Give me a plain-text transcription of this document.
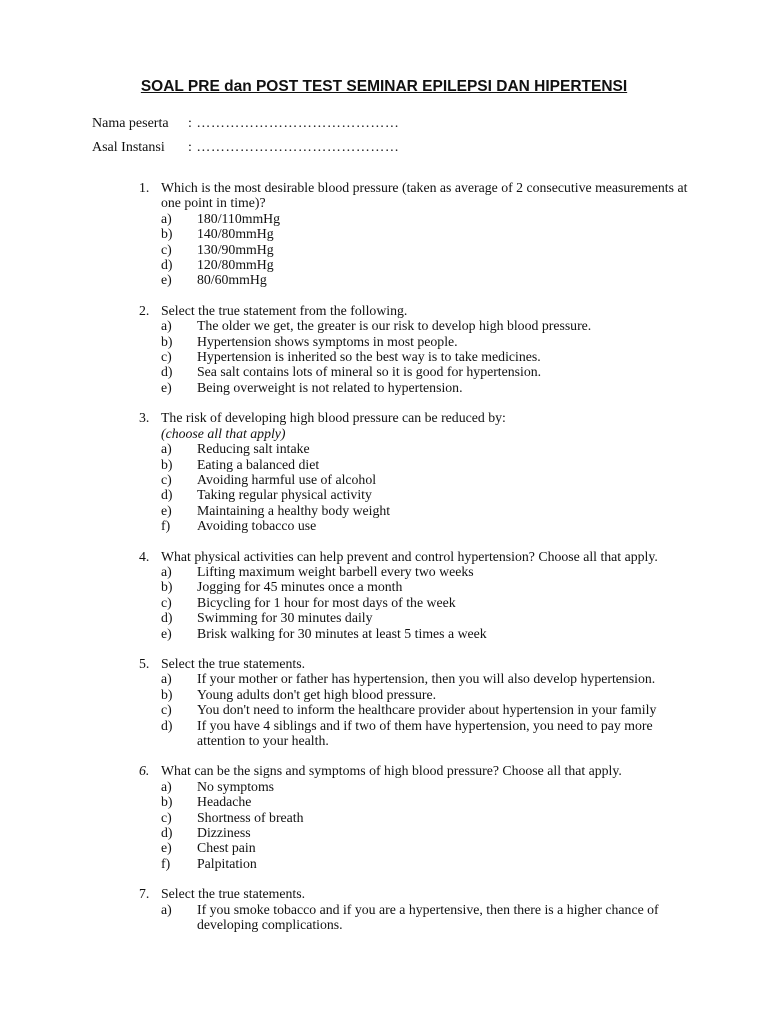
SOAL PRE dan POST TEST SEMINAR EPILEPSI DAN HIPERTENSI
Nama peserta : ……………………………………
Asal Instansi : ……………………………………
1. Which is the most desirable blood pressure (taken as average of 2 consecutive measurements at one point in time)?
a)	180/110mmHg
b)	140/80mmHg
c)	130/90mmHg
d)	120/80mmHg
e)	80/60mmHg
2. Select the true statement from the following.
a)	The older we get, the greater is our risk to develop high blood pressure.
b)	Hypertension shows symptoms in most people.
c)	Hypertension is inherited so the best way is to take medicines.
d)	Sea salt contains lots of mineral so it is good for hypertension.
e)	Being overweight is not related to hypertension.
3. The risk of developing high blood pressure can be reduced by:
(choose all that apply)
a)	Reducing salt intake
b)	Eating a balanced diet
c)	Avoiding harmful use of alcohol
d)	Taking regular physical activity
e)	Maintaining a healthy body weight
f)	Avoiding tobacco use
4. What physical activities can help prevent and control hypertension? Choose all that apply.
a)	Lifting maximum weight barbell every two weeks
b)	Jogging for 45 minutes once a month
c)	Bicycling for 1 hour for most days of the week
d)	Swimming for 30 minutes daily
e)	Brisk walking for 30 minutes at least 5 times a week
5. Select the true statements.
a)	If your mother or father has hypertension, then you will also develop hypertension.
b)	Young adults don't get high blood pressure.
c)	You don't need to inform the healthcare provider about hypertension in your family
d)	If you have 4 siblings and if two of them have hypertension, you need to pay more attention to your health.
6. What can be the signs and symptoms of high blood pressure? Choose all that apply.
a)	No symptoms
b)	Headache
c)	Shortness of breath
d)	Dizziness
e)	Chest pain
f)	Palpitation
7. Select the true statements.
a)	If you smoke tobacco and if you are a hypertensive, then there is a higher chance of developing complications.
